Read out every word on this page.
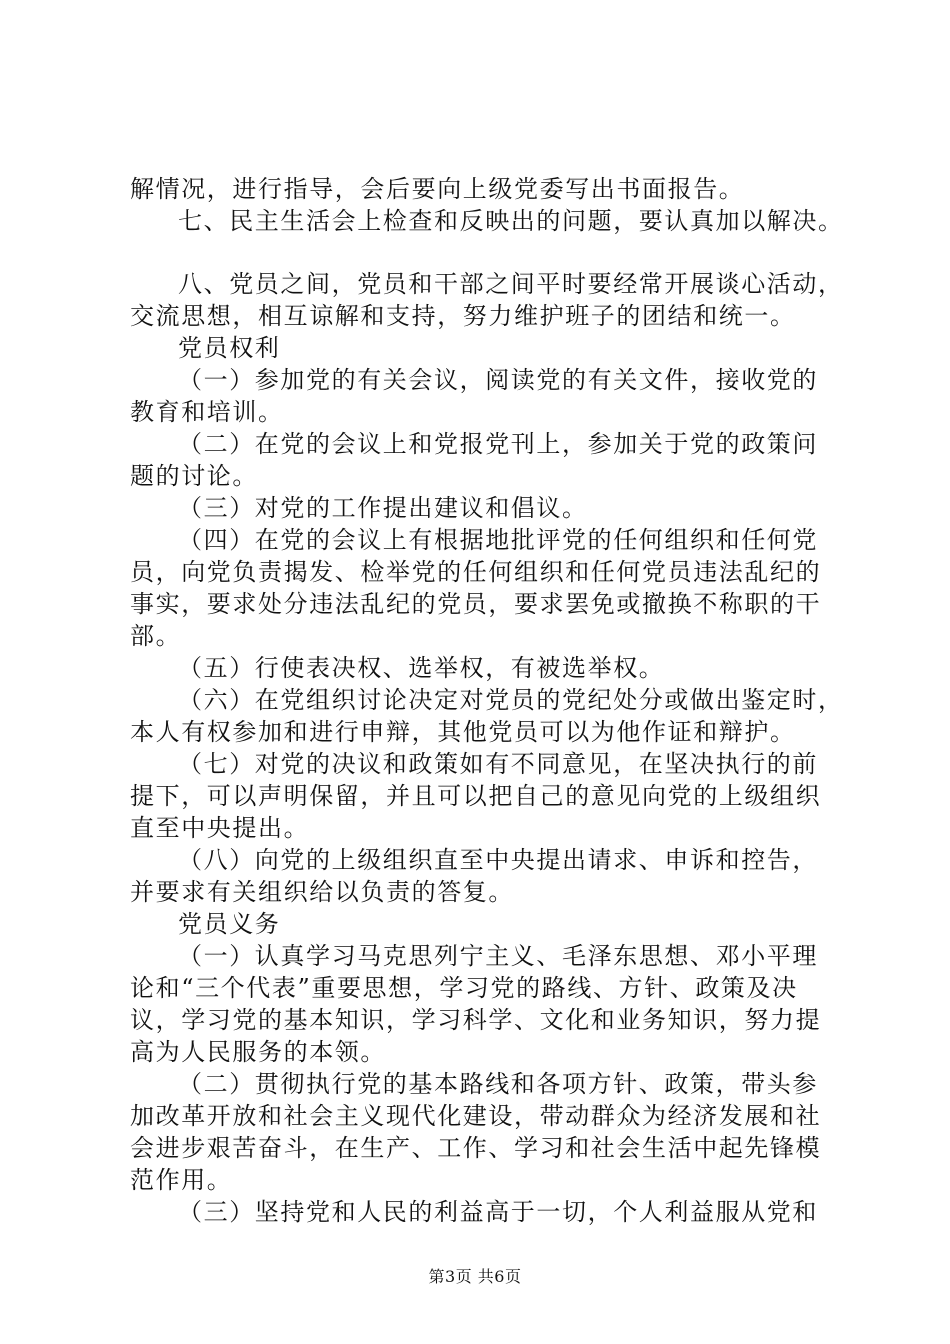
解情况，进行指导，会后要向上级党委写出书面报告。
七、民主生活会上检查和反映出的问题，要认真加以解决。
八、党员之间，党员和干部之间平时要经常开展谈心活动，
交流思想，相互谅解和支持，努力维护班子的团结和统一。
党员权利
（一）参加党的有关会议，阅读党的有关文件，接收党的
教育和培训。
（二）在党的会议上和党报党刊上，参加关于党的政策问
题的讨论。
（三）对党的工作提出建议和倡议。
（四）在党的会议上有根据地批评党的任何组织和任何党
员，向党负责揭发、检举党的任何组织和任何党员违法乱纪的
事实，要求处分违法乱纪的党员，要求罢免或撤换不称职的干
部。
（五）行使表决权、选举权，有被选举权。
（六）在党组织讨论决定对党员的党纪处分或做出鉴定时，
本人有权参加和进行申辩，其他党员可以为他作证和辩护。
（七）对党的决议和政策如有不同意见，在坚决执行的前
提下，可以声明保留，并且可以把自己的意见向党的上级组织
直至中央提出。
（八）向党的上级组织直至中央提出请求、申诉和控告，
并要求有关组织给以负责的答复。
党员义务
（一）认真学习马克思列宁主义、毛泽东思想、邓小平理
论和“三个代表”重要思想，学习党的路线、方针、政策及决
议，学习党的基本知识，学习科学、文化和业务知识，努力提
高为人民服务的本领。
（二）贯彻执行党的基本路线和各项方针、政策，带头参
加改革开放和社会主义现代化建设，带动群众为经济发展和社
会进步艰苦奋斗，在生产、工作、学习和社会生活中起先锋模
范作用。
（三）坚持党和人民的利益高于一切，个人利益服从党和
第3页 共6页
